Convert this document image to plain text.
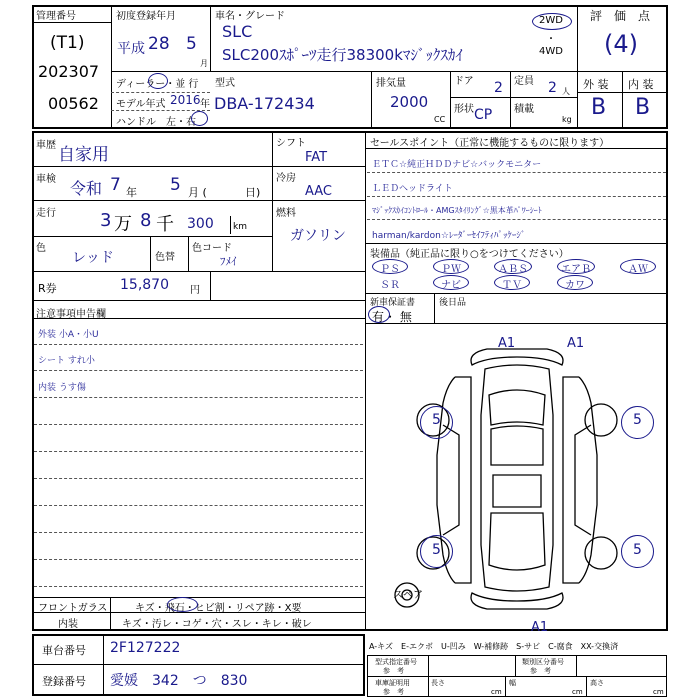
管理番号
(T1)
202307
00562
初度登録年月
平成 28 5
月
車名・グレード
SLC
SLC200ｽﾎﾟｰﾂ走行38300kﾏｼﾞｯｸｽｶｲ
2WD
・
4WD
評　価　点
(4)
ディーラー・並 行
モデル年式 2016 年
ハンドル　左・右
型式
DBA-172434
排気量
2000
CC
ドア 2 定員 2 人
形状 CP 積載
kg
外 装 内 装
B B
車歴 自家用
車検 令和 7 年 5 月 (	日)
シフト
FAT
冷房
AAC
走行 3 万 8 千 300 km
燃料
ガソリン
色
レッド	色替
色コード
ﾌﾒｲ
R券	15,870 円
注意事項申告欄
外装 小A・小U
シート すれ小
内装 うす傷
フロントガラス	キズ・飛石・ヒビ割・リペア跡・X要
内装	キズ・汚レ・コゲ・穴・スレ・キレ・破レ
セールスポイント（正常に機能するものに限ります）
ＥＴＣ☆純正ＨＤＤナビ☆バックモニター
ＬＥＤヘッドライト
ﾏｼﾞｯｸｽｶｲｺﾝﾄﾛｰﾙ・AMGｽﾀｲﾘﾝｸﾞ☆黒本革ﾊﾟﾜｰｼｰﾄ
harman/kardon☆ﾚｰﾀﾞｰｾｲﾌﾃｨﾊﾟｯｹｰｼﾞ
装備品（純正品に限り○をつけてください）
ＰＳ	ＰＷ	ＡＢＳ	エアＢ	ＡＷ
ＳＲ	ナビ	ＴＶ	カワ
新車保証書
有・ 無
後日品
A1	A1
5	5
5	5
A1
スペア
車台番号 2F127222
登録番号 愛媛　342　つ　830
A-キズ　E-エクボ　U-凹み　W-補修跡　S-サビ　C-腐食　XX-交換済
型式指定番号
参　考
類別区分番号
参　考
車庫証明用
参　考
長さ
cm
幅
cm
高さ
cm
